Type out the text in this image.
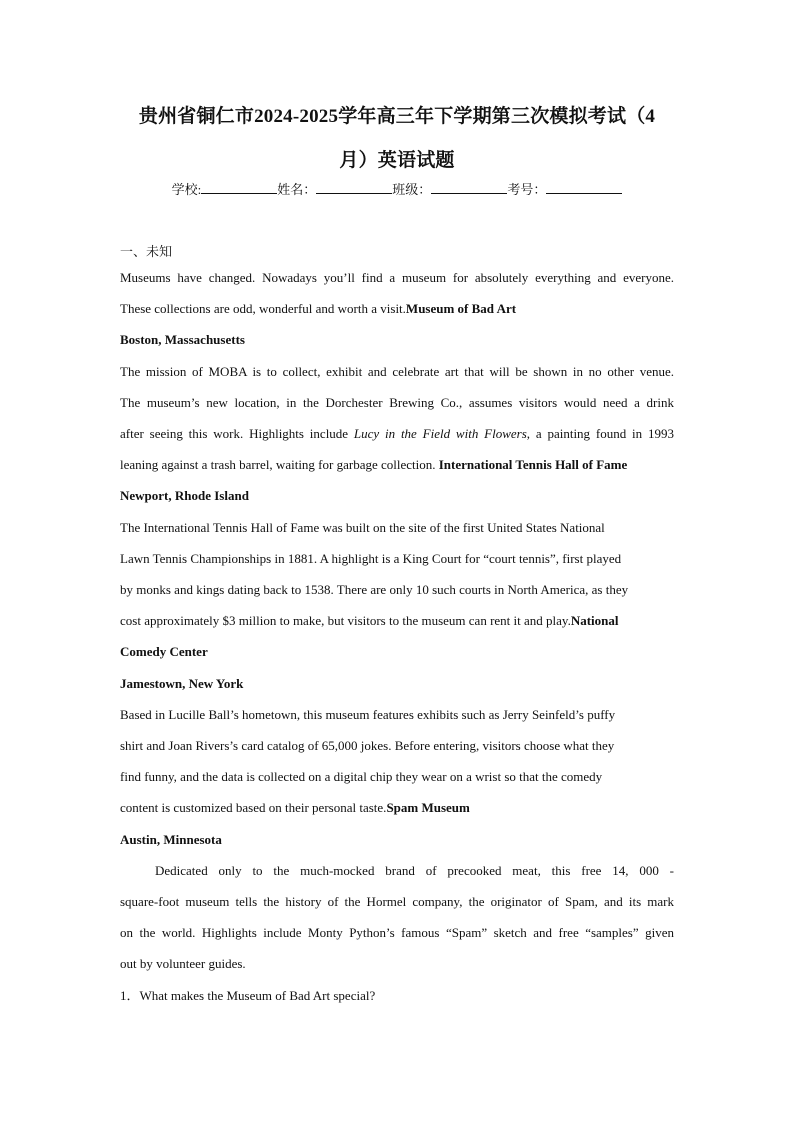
贵州省铜仁市2024-2025学年高三年下学期第三次模拟考试（4
月）英语试题
学校:	姓名：	班级：	考号：
一、未知
Museums have changed. Nowadays you’ll find a museum for absolutely everything and everyone.
These collections are odd, wonderful and worth a visit.Museum of Bad Art
Boston, Massachusetts
The mission of MOBA is to collect, exhibit and celebrate art that will be shown in no other venue.
The museum’s new location, in the Dorchester Brewing Co., assumes visitors would need a drink
after seeing this work. Highlights include Lucy in the Field with Flowers, a painting found in 1993
leaning against a trash barrel, waiting for garbage collection. International Tennis Hall of Fame
Newport, Rhode Island
The International Tennis Hall of Fame was built on the site of the first United States National
Lawn Tennis Championships in 1881. A highlight is a King Court for “court tennis”, first played
by monks and kings dating back to 1538. There are only 10 such courts in North America, as they
cost approximately $3 million to make, but visitors to the museum can rent it and play.National
Comedy Center
Jamestown, New York
Based in Lucille Ball’s hometown, this museum features exhibits such as Jerry Seinfeld’s puffy
shirt and Joan Rivers’s card catalog of 65,000 jokes. Before entering, visitors choose what they
find funny, and the data is collected on a digital chip they wear on a wrist so that the comedy
content is customized based on their personal taste.Spam Museum
Austin, Minnesota
Dedicated only to the much-mocked brand of precooked meat, this free 14, 000 -
square-foot museum tells the history of the Hormel company, the originator of Spam, and its mark
on the world. Highlights include Monty Python’s famous “Spam” sketch and free “samples” given
out by volunteer guides.
1．What makes the Museum of Bad Art special?
